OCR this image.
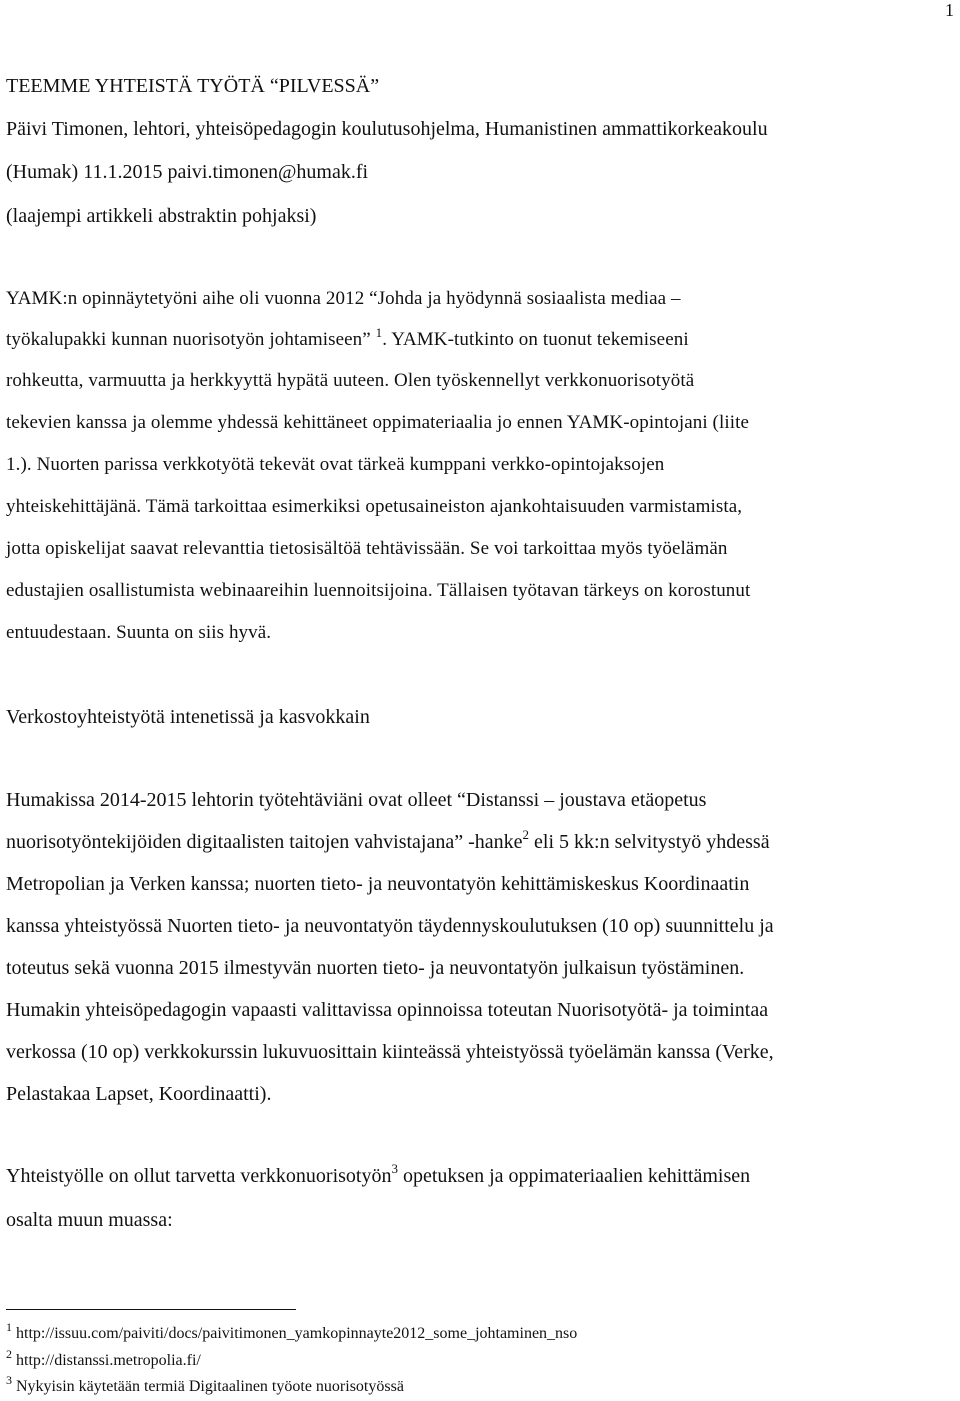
1
TEEMME YHTEISTÄ TYÖTÄ “PILVESSÄ”
Päivi Timonen, lehtori, yhteisöpedagogin koulutusohjelma, Humanistinen ammattikorkeakoulu
(Humak) 11.1.2015 paivi.timonen@humak.fi
(laajempi artikkeli abstraktin pohjaksi)
YAMK:n opinnäytetyöni aihe oli vuonna 2012 “Johda ja hyödynnä sosiaalista mediaa –
työkalupakki kunnan nuorisotyön johtamiseen” $^1$. YAMK-tutkinto on tuonut tekemiseeni
rohkeutta, varmuutta ja herkkyyttä hypätä uuteen. Olen työskennellyt verkkonuorisotyötä
tekevien kanssa ja olemme yhdessä kehittäneet oppimateriaalia jo ennen YAMK-opintojani (liite
1.). Nuorten parissa verkkotyötä tekevät ovat tärkeä kumppani verkko-opintojaksojen
yhteiskehittäjänä. Tämä tarkoittaa esimerkiksi opetusaineiston ajankohtaisuuden varmistamista,
jotta opiskelijat saavat relevanttia tietosisältöä tehtävissään. Se voi tarkoittaa myös työelämän
edustajien osallistumista webinaareihin luennoitsijoina. Tällaisen työtavan tärkeys on korostunut
entuudestaan. Suunta on siis hyvä.
Verkostoyhteistyötä intenetissä ja kasvokkain
Humakissa 2014-2015 lehtorin työtehtäviäni ovat olleet “Distanssi – joustava etäopetus
nuorisotyöntekijöiden digitaalisten taitojen vahvistajana” -hanke$^2$ eli 5 kk:n selvitystyö yhdessä
Metropolian ja Verken kanssa; nuorten tieto- ja neuvontatyön kehittämiskeskus Koordinaatin
kanssa yhteistyössä Nuorten tieto- ja neuvontatyön täydennyskoulutuksen (10 op) suunnittelu ja
toteutus sekä vuonna 2015 ilmestyvän nuorten tieto- ja neuvontatyön julkaisun työstäminen.
Humakin yhteisöpedagogin vapaasti valittavissa opinnoissa toteutan Nuorisotyötä- ja toimintaa
verkossa (10 op) verkkokurssin lukuvuosittain kiinteässä yhteistyössä työelämän kanssa (Verke,
Pelastakaa Lapset, Koordinaatti).
Yhteistyölle on ollut tarvetta verkkonuorisotyön$^3$ opetuksen ja oppimateriaalien kehittämisen
osalta muun muassa:
$^1$ http://issuu.com/paiviti/docs/paivitimonen_yamkopinnayte2012_some_johtaminen_nso
$^2$ http://distanssi.metropolia.fi/
$^3$ Nykyisin käytetään termiä Digitaalinen työote nuorisotyössä
